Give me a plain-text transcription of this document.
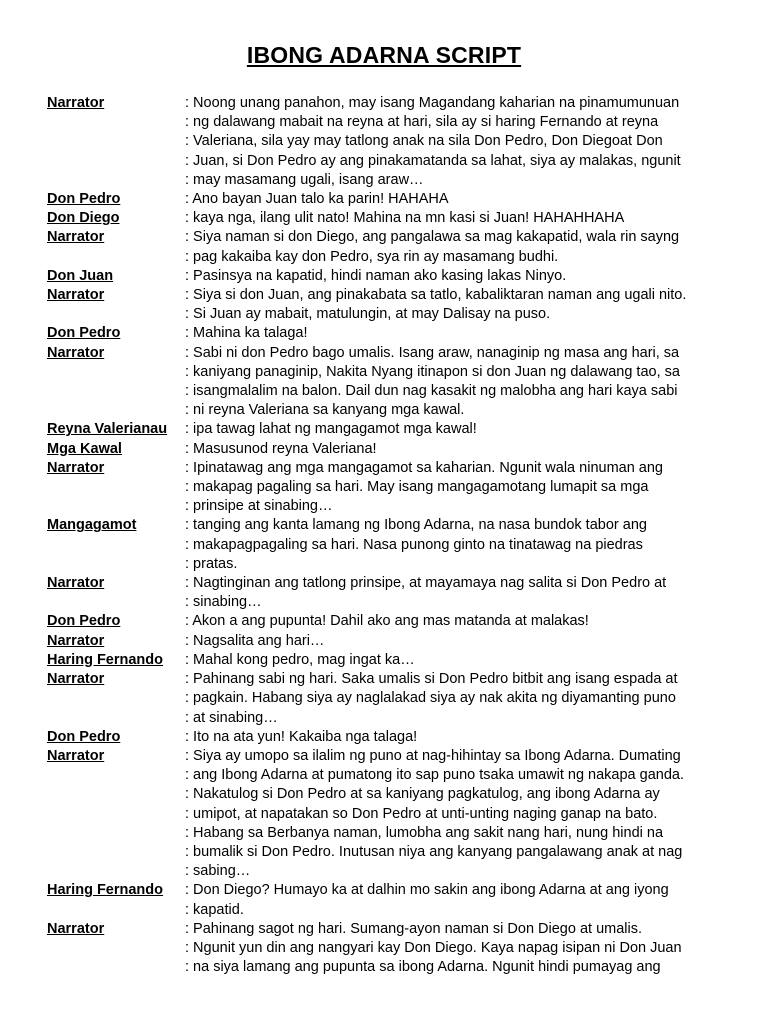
IBONG ADARNA SCRIPT
Narrator	: Noong unang panahon, may isang Magandang kaharian na pinamumunuan
: ng dalawang mabait na reyna at hari, sila ay si haring Fernando at reyna
: Valeriana, sila yay may tatlong anak na sila Don Pedro, Don Diegoat Don
: Juan, si Don Pedro ay ang pinakamatanda sa lahat, siya ay malakas, ngunit
: may masamang ugali, isang araw…
Don Pedro	: Ano bayan Juan talo ka parin! HAHAHA
Don Diego	: kaya nga, ilang ulit nato! Mahina na mn kasi si Juan! HAHAHHAHA
Narrator	: Siya naman si don Diego, ang pangalawa sa mag kakapatid, wala rin sayng
: pag kakaiba kay don Pedro, sya rin ay masamang budhi.
Don Juan	: Pasinsya na kapatid, hindi naman ako kasing lakas Ninyo.
Narrator	: Siya si don Juan, ang pinakabata sa tatlo, kabaliktaran naman ang ugali nito.
: Si Juan ay mabait, matulungin, at may Dalisay na puso.
Don Pedro	: Mahina ka talaga!
Narrator	: Sabi ni don Pedro bago umalis. Isang araw, nanaginip ng masa ang hari, sa
: kaniyang panaginip, Nakita Nyang itinapon si don Juan ng dalawang tao, sa
: isangmalalim na balon. Dail dun nag kasakit ng malobha ang hari kaya sabi
: ni reyna Valeriana sa kanyang mga kawal.
Reyna Valerianau	: ipa tawag lahat ng mangagamot mga kawal!
Mga Kawal	: Masusunod reyna Valeriana!
Narrator	: Ipinatawag ang mga mangagamot sa kaharian. Ngunit wala ninuman ang
: makapag pagaling sa hari. May isang mangagamotang lumapit sa mga
: prinsipe at sinabing…
Mangagamot	: tanging ang kanta lamang ng Ibong Adarna, na nasa bundok tabor ang
: makapagpagaling sa hari. Nasa punong ginto na tinatawag na piedras
: pratas.
Narrator	: Nagtinginan ang tatlong prinsipe, at mayamaya nag salita si Don Pedro at
: sinabing…
Don Pedro	: Akon a ang pupunta! Dahil ako ang mas matanda at malakas!
Narrator	: Nagsalita ang hari…
Haring Fernando	: Mahal kong pedro, mag ingat ka…
Narrator	: Pahinang sabi ng hari. Saka umalis si Don Pedro bitbit ang isang espada at
: pagkain. Habang siya ay naglalakad siya ay nak akita ng diyamanting puno
: at sinabing…
Don Pedro	: Ito na ata yun! Kakaiba nga talaga!
Narrator	: Siya ay umopo sa ilalim ng puno at nag-hihintay sa Ibong Adarna. Dumating
: ang Ibong Adarna at pumatong ito sap puno tsaka umawit ng nakapa ganda.
: Nakatulog si Don Pedro at sa kaniyang pagkatulog, ang ibong Adarna ay
: umipot, at napatakan so Don Pedro at unti-unting naging ganap na bato.
: Habang sa Berbanya naman, lumobha ang sakit nang hari, nung hindi na
: bumalik si Don Pedro. Inutusan niya ang kanyang pangalawang anak at nag
: sabing…
Haring Fernando	: Don Diego? Humayo ka at dalhin mo sakin ang ibong Adarna at ang iyong
: kapatid.
Narrator	: Pahinang sagot ng hari. Sumang-ayon naman si Don Diego at umalis.
: Ngunit yun din ang nangyari kay Don Diego. Kaya napag isipan ni Don Juan
: na siya lamang ang pupunta sa ibong Adarna. Ngunit hindi pumayag ang
